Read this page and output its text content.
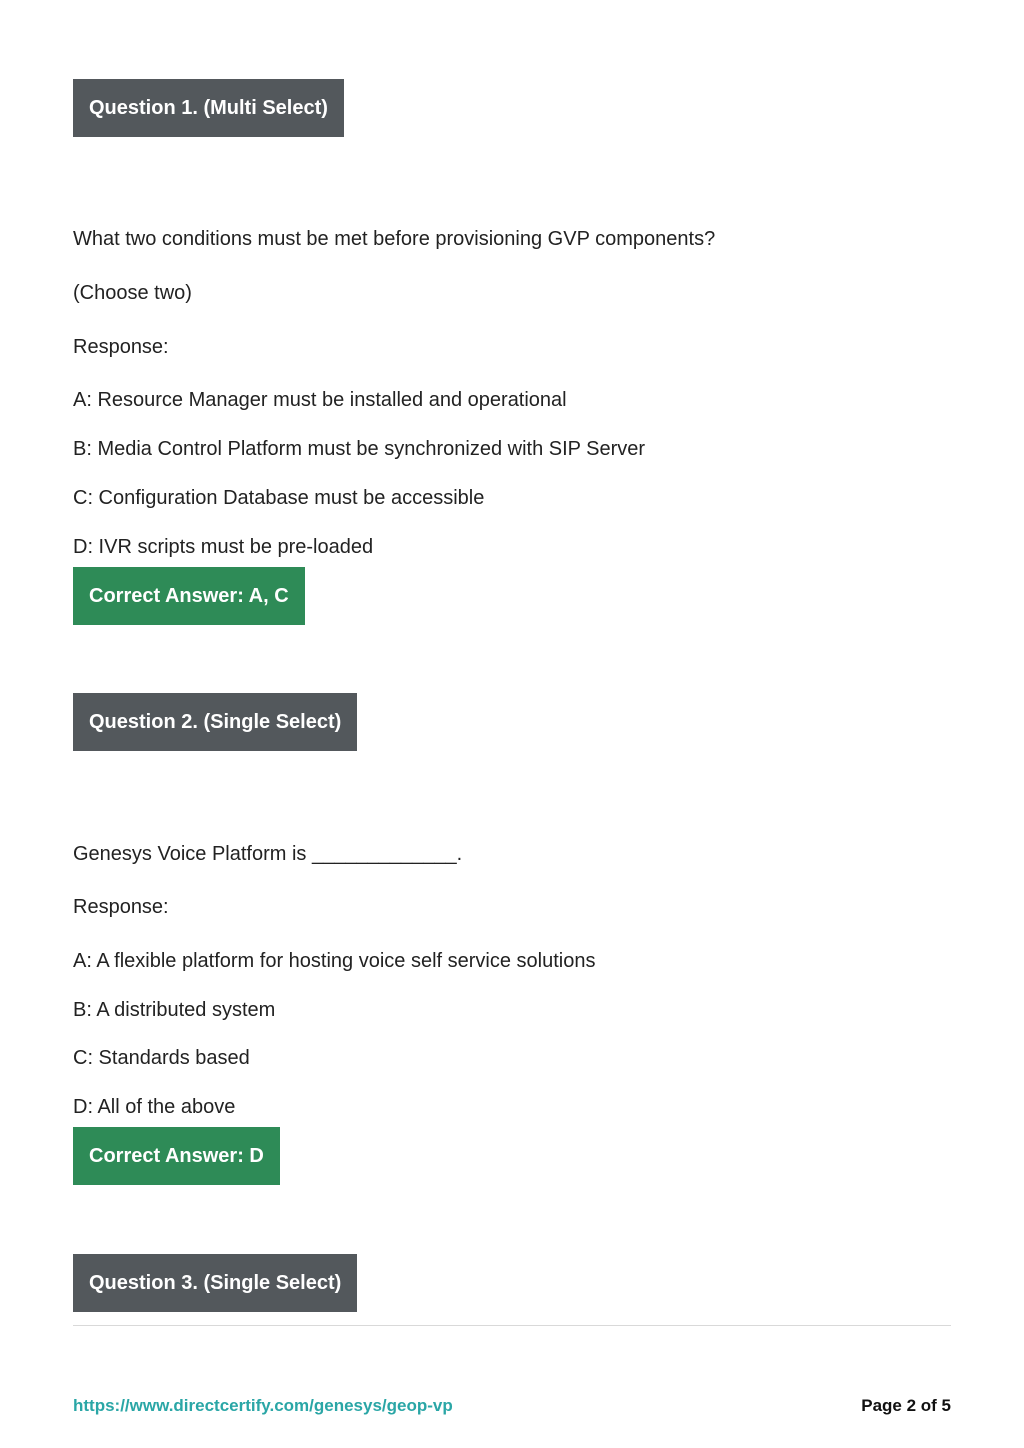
Question 1. (Multi Select)
What two conditions must be met before provisioning GVP components?
(Choose two)
Response:
A: Resource Manager must be installed and operational
B: Media Control Platform must be synchronized with SIP Server
C: Configuration Database must be accessible
D: IVR scripts must be pre-loaded
Correct Answer: A, C
Question 2. (Single Select)
Genesys Voice Platform is _____________.
Response:
A: A flexible platform for hosting voice self service solutions
B: A distributed system
C: Standards based
D: All of the above
Correct Answer: D
Question 3. (Single Select)
https://www.directcertify.com/genesys/geop-vp	Page 2 of 5
